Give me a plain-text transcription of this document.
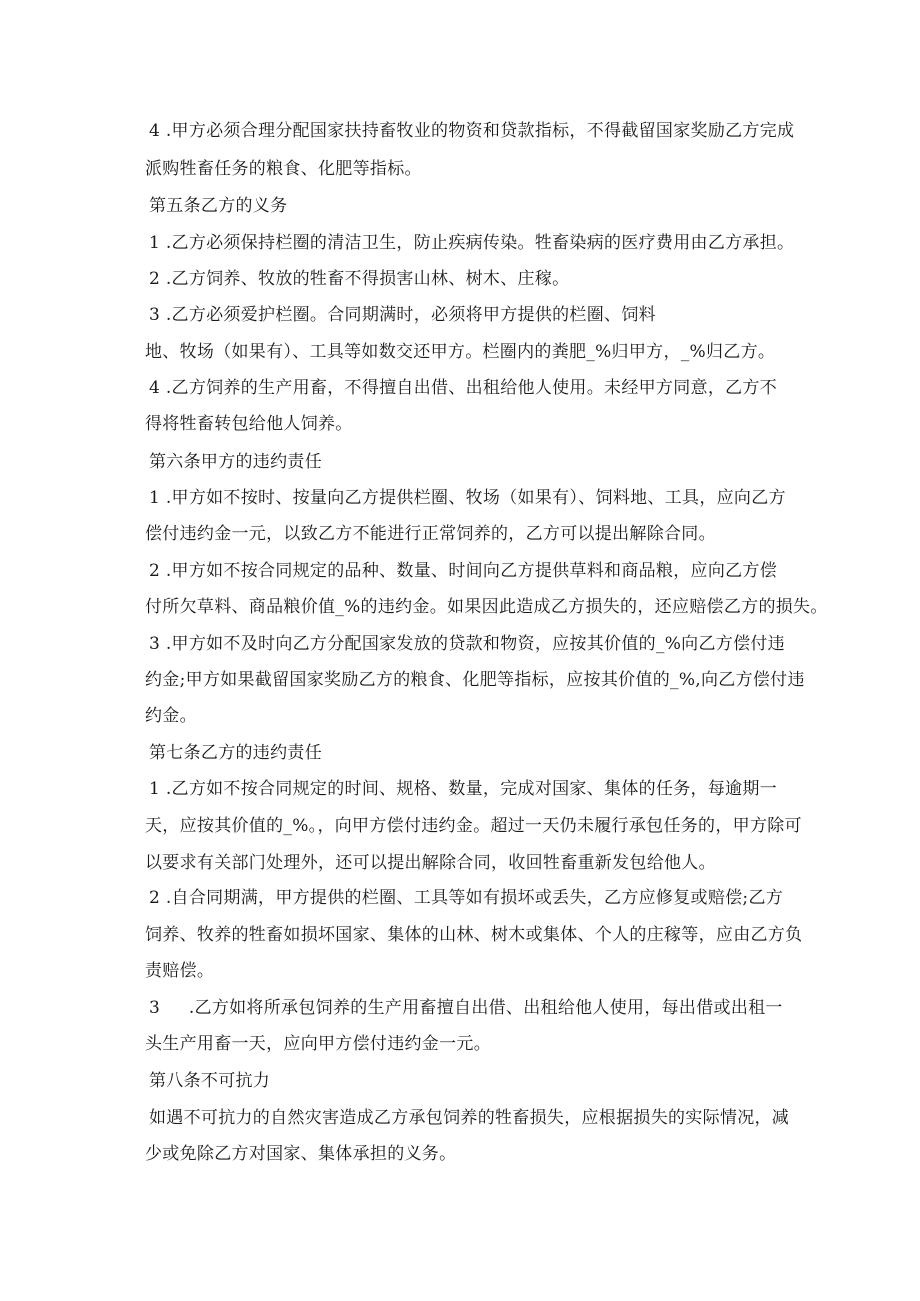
4 .甲方必须合理分配国家扶持畜牧业的物资和贷款指标，不得截留国家奖励乙方完成
派购牲畜任务的粮食、化肥等指标。
第五条乙方的义务
1 .乙方必须保持栏圈的清洁卫生，防止疾病传染。牲畜染病的医疗费用由乙方承担。
2 .乙方饲养、牧放的牲畜不得损害山林、树木、庄稼。
3 .乙方必须爱护栏圈。合同期满时，必须将甲方提供的栏圈、饲料
地、牧场（如果有）、工具等如数交还甲方。栏圈内的粪肥_%归甲方，_%归乙方。
4 .乙方饲养的生产用畜，不得擅自出借、出租给他人使用。未经甲方同意，乙方不
得将牲畜转包给他人饲养。
第六条甲方的违约责任
1 .甲方如不按时、按量向乙方提供栏圈、牧场（如果有）、饲料地、工具，应向乙方
偿付违约金一元，以致乙方不能进行正常饲养的，乙方可以提出解除合同。
2 .甲方如不按合同规定的品种、数量、时间向乙方提供草料和商品粮，应向乙方偿
付所欠草料、商品粮价值_%的违约金。如果因此造成乙方损失的，还应赔偿乙方的损失。
3 .甲方如不及时向乙方分配国家发放的贷款和物资，应按其价值的_%向乙方偿付违
约金;甲方如果截留国家奖励乙方的粮食、化肥等指标，应按其价值的_%,向乙方偿付违
约金。
第七条乙方的违约责任
1 .乙方如不按合同规定的时间、规格、数量，完成对国家、集体的任务，每逾期一
天，应按其价值的_%。，向甲方偿付违约金。超过一天仍未履行承包任务的，甲方除可
以要求有关部门处理外，还可以提出解除合同，收回牲畜重新发包给他人。
2 .自合同期满，甲方提供的栏圈、工具等如有损坏或丢失，乙方应修复或赔偿;乙方
饲养、牧养的牲畜如损坏国家、集体的山林、树木或集体、个人的庄稼等，应由乙方负
责赔偿。
3 　 .乙方如将所承包饲养的生产用畜擅自出借、出租给他人使用，每出借或出租一
头生产用畜一天，应向甲方偿付违约金一元。
第八条不可抗力
如遇不可抗力的自然灾害造成乙方承包饲养的牲畜损失，应根据损失的实际情况，减
少或免除乙方对国家、集体承担的义务。
